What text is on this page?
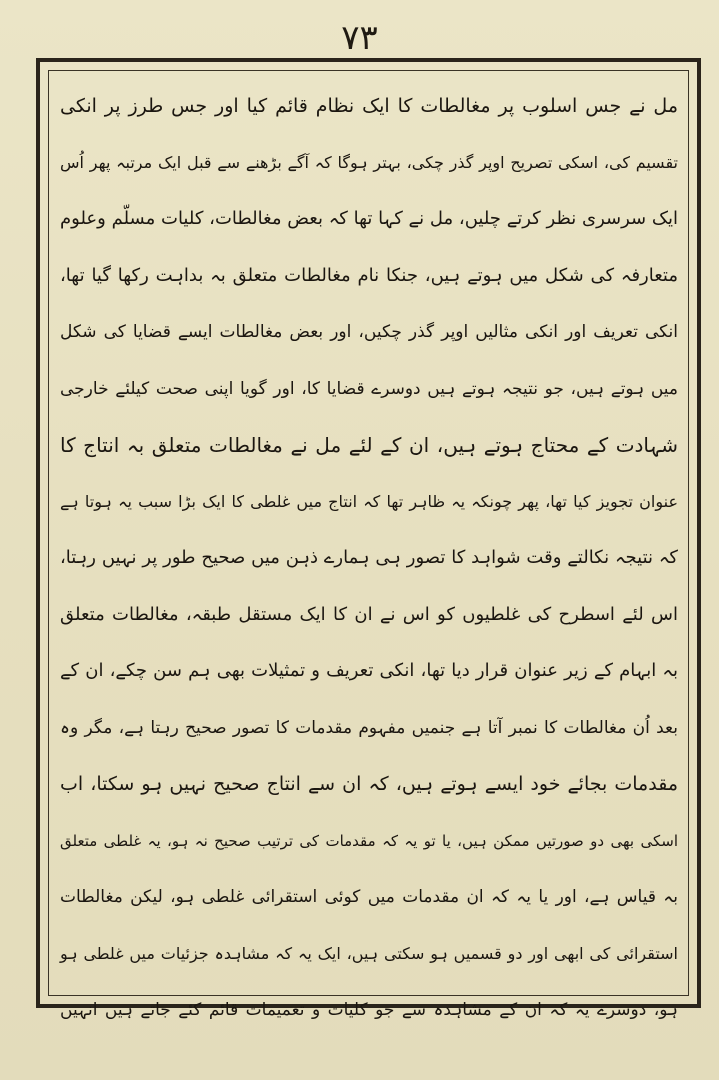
۷۳
مل نے جس اسلوب پر مغالطات کا ایک نظام قائم کیا اور جس طرز پر انکی
تقسیم کی، اسکی تصریح اوپر گذر چکی، بہتر ہوگا کہ آگے بڑھنے سے قبل ایک مرتبہ پھر اُس
ایک سرسری نظر کرتے چلیں، مل نے کہا تھا کہ بعض مغالطات، کلیات مسلّم وعلوم
متعارفہ کی شکل میں ہوتے ہیں، جنکا نام مغالطات متعلق بہ بداہت رکھا گیا تھا،
انکی تعریف اور انکی مثالیں اوپر گذر چکیں، اور بعض مغالطات ایسے قضایا کی شکل
میں ہوتے ہیں، جو نتیجہ ہوتے ہیں دوسرے قضایا کا، اور گویا اپنی صحت کیلئے خارجی
شہادت کے محتاج ہوتے ہیں، ان کے لئے مل نے مغالطات متعلق بہ انتاج کا
عنوان تجویز کیا تھا، پھر چونکہ یہ ظاہر تھا کہ انتاج میں غلطی کا ایک بڑا سبب یہ ہوتا ہے
کہ نتیجہ نکالتے وقت شواہد کا تصور ہی ہمارے ذہن میں صحیح طور پر نہیں رہتا،
اس لئے اسطرح کی غلطیوں کو اس نے ان کا ایک مستقل طبقہ، مغالطات متعلق
بہ ابہام کے زیر عنوان قرار دیا تھا، انکی تعریف و تمثیلات بھی ہم سن چکے، ان کے
بعد اُن مغالطات کا نمبر آتا ہے جنمیں مفہوم مقدمات کا تصور صحیح رہتا ہے، مگر وہ
مقدمات بجائے خود ایسے ہوتے ہیں، کہ ان سے انتاج صحیح نہیں ہو سکتا، اب
اسکی بھی دو صورتیں ممکن ہیں، یا تو یہ کہ مقدمات کی ترتیب صحیح نہ ہو، یہ غلطی متعلق
بہ قیاس ہے، اور یا یہ کہ ان مقدمات میں کوئی استقرائی غلطی ہو، لیکن مغالطات
استقرائی کی ابھی اور دو قسمیں ہو سکتی ہیں، ایک یہ کہ مشاہدہ جزئیات میں غلطی ہو
ہو، دوسرے یہ کہ ان کے مشاہدہ سے جو کلیات و تعمیمات قائم کئے جاتے ہیں انہیں
